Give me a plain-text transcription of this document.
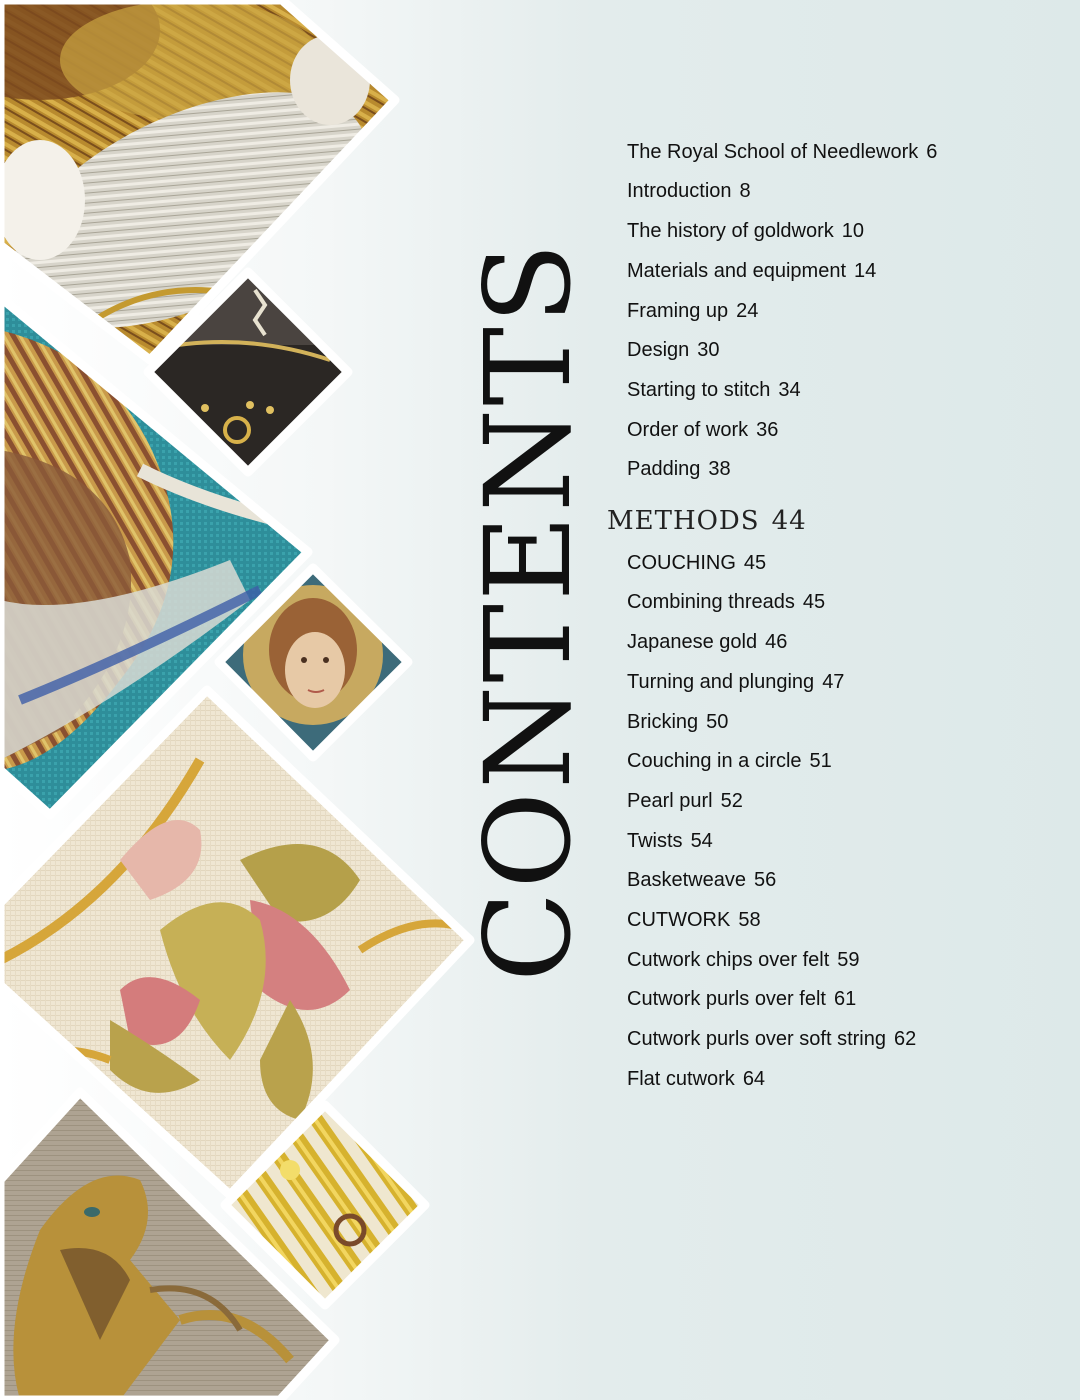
CONTENTS
The Royal School of Needlework 6
Introduction 8
The history of goldwork 10
Materials and equipment 14
Framing up 24
Design 30
Starting to stitch 34
Order of work 36
Padding 38
METHODS 44
COUCHING 45
Combining threads 45
Japanese gold 46
Turning and plunging 47
Bricking 50
Couching in a circle 51
Pearl purl 52
Twists 54
Basketweave 56
CUTWORK 58
Cutwork chips over felt 59
Cutwork purls over felt 61
Cutwork purls over soft string 62
Flat cutwork 64
